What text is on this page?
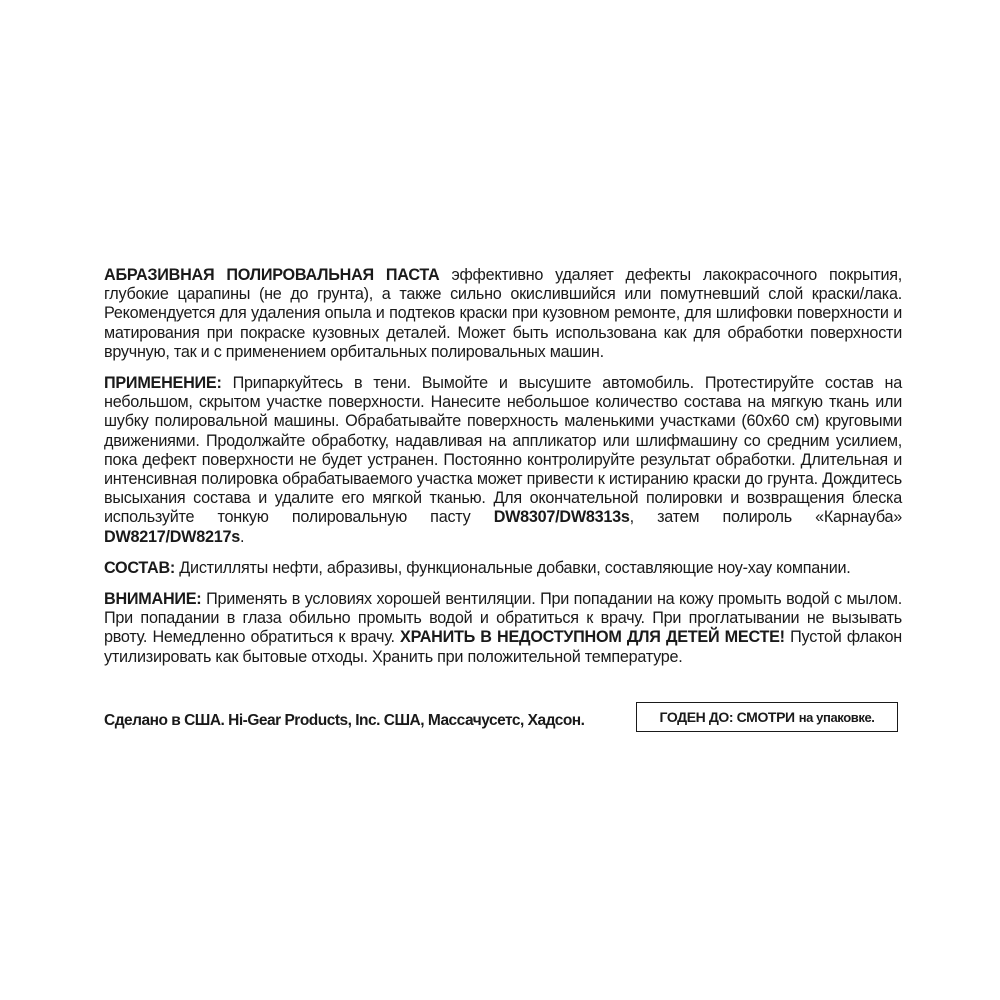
АБРАЗИВНАЯ ПОЛИРОВАЛЬНАЯ ПАСТА эффективно удаляет дефекты лакокрасочного покрытия, глубокие царапины (не до грунта), а также сильно окислившийся или помутневший слой краски/лака. Рекомендуется для удаления опыла и подтеков краски при кузовном ремонте, для шлифовки поверхности и матирования при покраске кузовных деталей. Может быть использована как для обработки поверхности вручную, так и с применением орбитальных полировальных машин.

ПРИМЕНЕНИЕ: Припаркуйтесь в тени. Вымойте и высушите автомобиль. Протестируйте состав на небольшом, скрытом участке поверхности. Нанесите небольшое количество состава на мягкую ткань или шубку полировальной машины. Обрабатывайте поверхность маленькими участками (60х60 см) круговыми движениями. Продолжайте обработку, надавливая на аппликатор или шлифмашину со средним усилием, пока дефект поверхности не будет устранен. Постоянно контролируйте результат обработки. Длительная и интенсивная полировка обрабатываемого участка может привести к истиранию краски до грунта. Дождитесь высыхания состава и удалите его мягкой тканью. Для окончательной полировки и возвращения блеска используйте тонкую полировальную пасту DW8307/DW8313s, затем полироль «Карнауба» DW8217/DW8217s.

СОСТАВ: Дистилляты нефти, абразивы, функциональные добавки, составляющие ноу-хау компании.

ВНИМАНИЕ: Применять в условиях хорошей вентиляции. При попадании на кожу промыть водой с мылом. При попадании в глаза обильно промыть водой и обратиться к врачу. При проглатывании не вызывать рвоту. Немедленно обратиться к врачу. ХРАНИТЬ В НЕДОСТУПНОМ ДЛЯ ДЕТЕЙ МЕСТЕ! Пустой флакон утилизировать как бытовые отходы. Хранить при положительной температуре.

Сделано в США. Hi-Gear Products, Inc. США, Массачусетс, Хадсон.	ГОДЕН ДО: СМОТРИ на упаковке.
